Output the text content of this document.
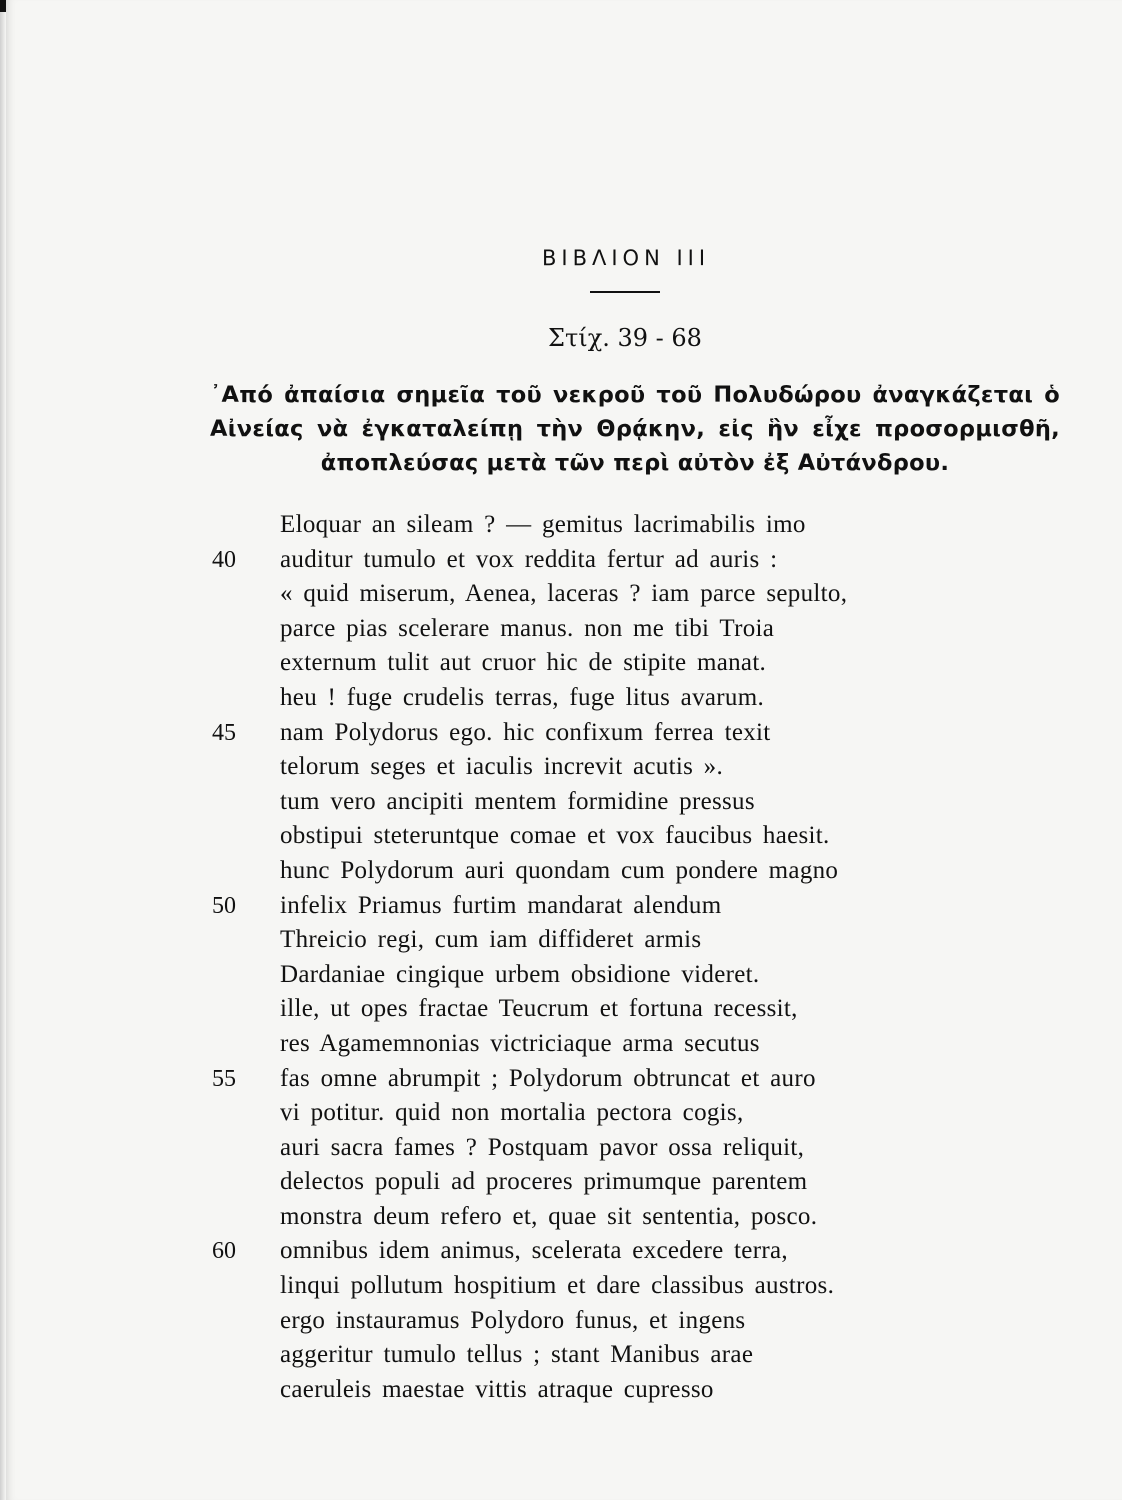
ΒΙΒΛΙΟΝ ΙΙΙ
Στίχ. 39 - 68
᾿Από ἀπαίσια σημεῖα τοῦ νεκροῦ τοῦ Πολυδώρου ἀναγκάζεται ὁ Αἰνείας νὰ ἐγκαταλείπῃ τὴν Θρᾴκην, εἰς ἣν εἶχε προσορμισθῆ, ἀποπλεύσας μετὰ τῶν περὶ αὐτὸν ἐξ Αὐτάνδρου.
Eloquar an sileam ? — gemitus lacrimabilis imo
40	auditur tumulo et vox reddita fertur ad auris :
« quid miserum, Aenea, laceras ? iam parce sepulto,
parce pias scelerare manus. non me tibi Troia
externum tulit aut cruor hic de stipite manat.
heu ! fuge crudelis terras, fuge litus avarum.
45	nam Polydorus ego. hic confixum ferrea texit
telorum seges et iaculis increvit acutis ».
tum vero ancipiti mentem formidine pressus
obstipui steteruntque comae et vox faucibus haesit.
hunc Polydorum auri quondam cum pondere magno
50	infelix Priamus furtim mandarat alendum
Threicio regi, cum iam diffideret armis
Dardaniae cingique urbem obsidione videret.
ille, ut opes fractae Teucrum et fortuna recessit,
res Agamemnonias victriciaque arma secutus
55	fas omne abrumpit ; Polydorum obtruncat et auro
vi potitur. quid non mortalia pectora cogis,
auri sacra fames ? Postquam pavor ossa reliquit,
delectos populi ad proceres primumque parentem
monstra deum refero et, quae sit sententia, posco.
60	omnibus idem animus, scelerata excedere terra,
linqui pollutum hospitium et dare classibus austros.
ergo instauramus Polydoro funus, et ingens
aggeritur tumulo tellus ; stant Manibus arae
caeruleis maestae vittis atraque cupresso
